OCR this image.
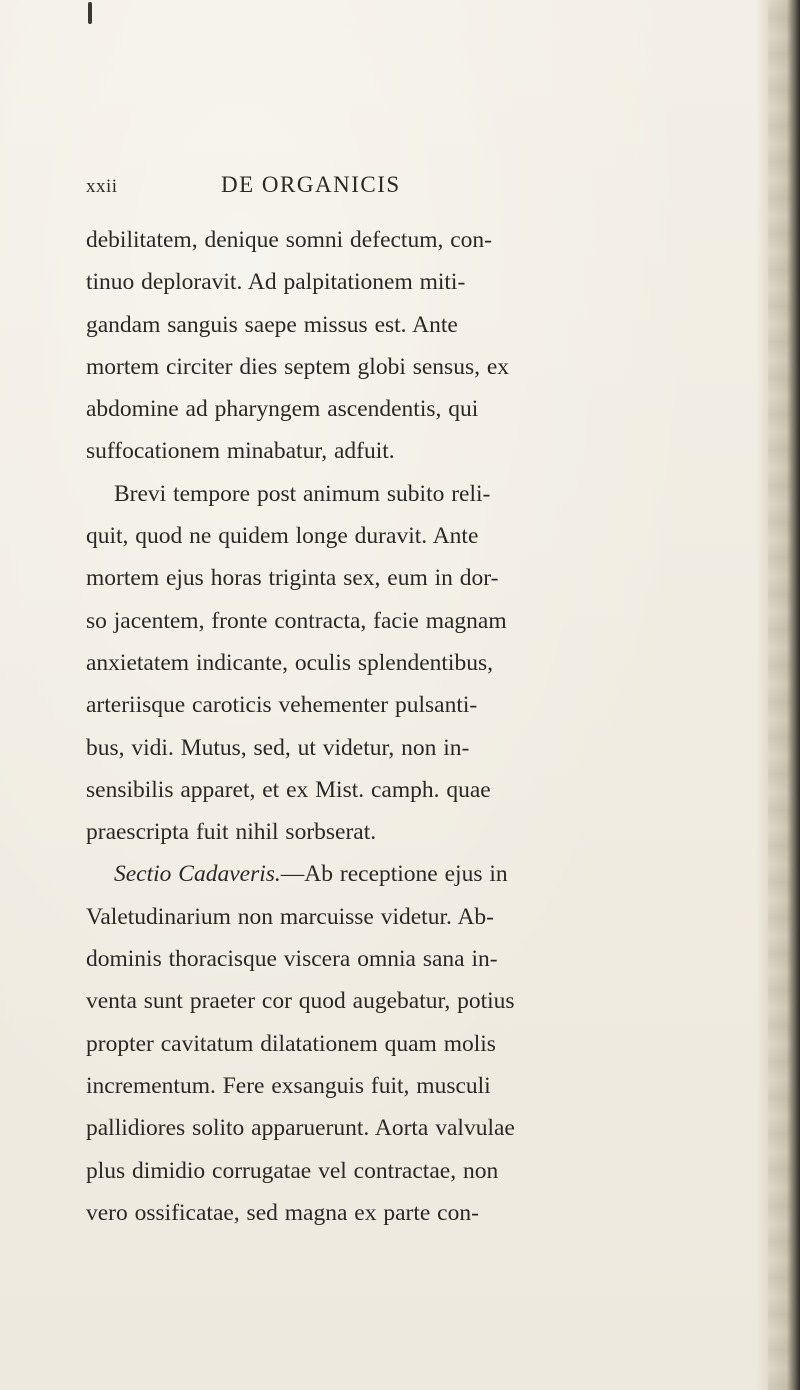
xxii	DE ORGANICIS
debilitatem, denique somni defectum, con-
tinuo deploravit. Ad palpitationem miti-
gandam sanguis saepe missus est. Ante
mortem circiter dies septem globi sensus, ex
abdomine ad pharyngem ascendentis, qui
suffocationem minabatur, adfuit.
Brevi tempore post animum subito reli-
quit, quod ne quidem longe duravit. Ante
mortem ejus horas triginta sex, eum in dor-
so jacentem, fronte contracta, facie magnam
anxietatem indicante, oculis splendentibus,
arteriisque caroticis vehementer pulsanti-
bus, vidi. Mutus, sed, ut videtur, non in-
sensibilis apparet, et ex Mist. camph. quae
praescripta fuit nihil sorbserat.
Sectio Cadaveris.—Ab receptione ejus in
Valetudinarium non marcuisse videtur. Ab-
dominis thoracisque viscera omnia sana in-
venta sunt praeter cor quod augebatur, potius
propter cavitatum dilatationem quam molis
incrementum. Fere exsanguis fuit, musculi
pallidiores solito apparuerunt. Aorta valvulae
plus dimidio corrugatae vel contractae, non
vero ossificatae, sed magna ex parte con-
